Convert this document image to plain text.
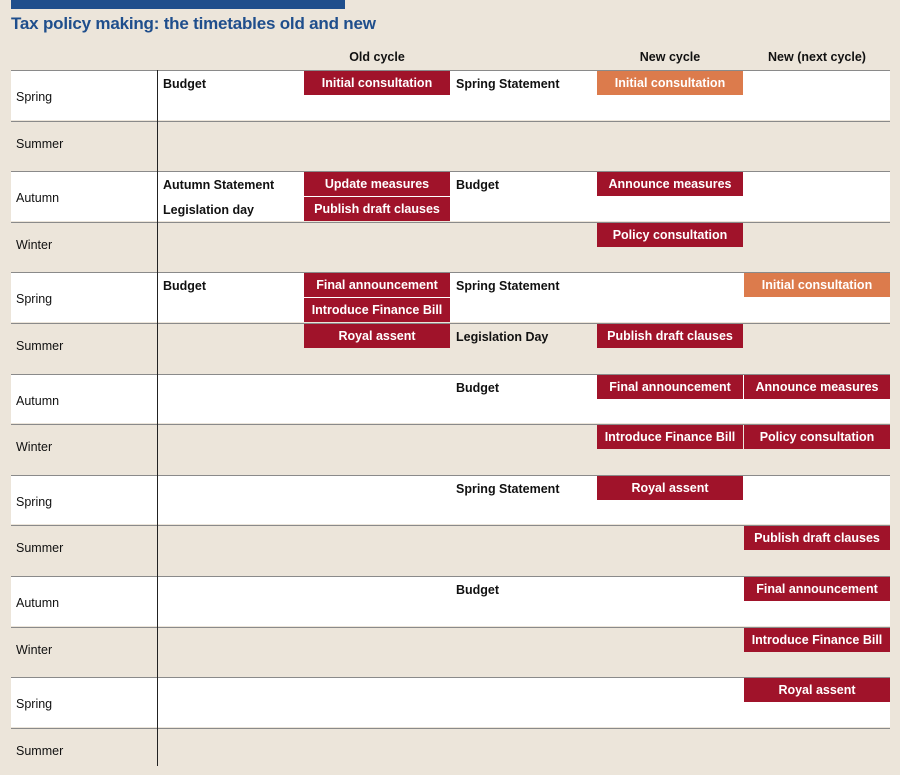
Tax policy making: the timetables old and new
Old cycle	New cycle	New (next cycle)
Spring
Summer
Autumn
Winter
Spring
Summer
Autumn
Winter
Spring
Summer
Autumn
Winter
Spring
Summer
Budget
Autumn Statement
Legislation day
Budget
Initial consultation
Update measures
Publish draft clauses
Final announcement
Introduce Finance Bill
Royal assent
Spring Statement
Budget
Spring Statement
Legislation Day
Budget
Spring Statement
Budget
Initial consultation
Announce measures
Policy consultation
Publish draft clauses
Final announcement
Introduce Finance Bill
Royal assent
Initial consultation
Announce measures
Policy consultation
Publish draft clauses
Final announcement
Introduce Finance Bill
Royal assent
